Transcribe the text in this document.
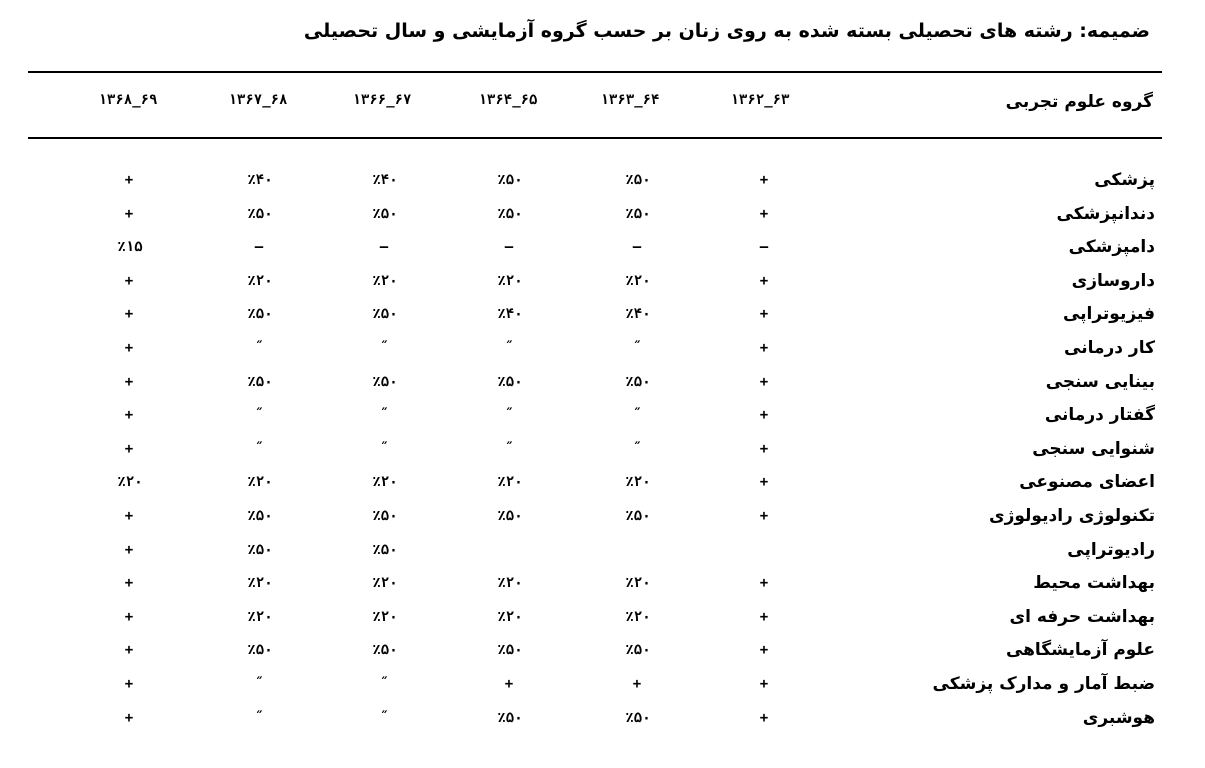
ضمیمه: رشته های تحصیلی بسته شده به روی زنان بر حسب گروه آزمایشی و سال تحصیلی
گروه علوم تجربی
۱۳۶۲_۶۳
۱۳۶۳_۶۴
۱۳۶۴_۶۵
۱۳۶۶_۶۷
۱۳۶۷_۶۸
۱۳۶۸_۶۹
پزشکی
+
٪۵۰
٪۵۰
٪۴۰
٪۴۰
+
دندانپزشکی
+
٪۵۰
٪۵۰
٪۵۰
٪۵۰
+
دامپزشکی
–
–
–
–
–
٪۱۵
داروسازی
+
٪۲۰
٪۲۰
٪۲۰
٪۲۰
+
فیزیوتراپی
+
٪۴۰
٪۴۰
٪۵۰
٪۵۰
+
کار درمانی
+
˝
˝
˝
˝
+
بینایی سنجی
+
٪۵۰
٪۵۰
٪۵۰
٪۵۰
+
گفتار درمانی
+
˝
˝
˝
˝
+
شنوایی سنجی
+
˝
˝
˝
˝
+
اعضای مصنوعی
+
٪۲۰
٪۲۰
٪۲۰
٪۲۰
٪۲۰
تکنولوژی رادیولوژی
+
٪۵۰
٪۵۰
٪۵۰
٪۵۰
+
رادیوتراپی
٪۵۰
٪۵۰
+
بهداشت محیط
+
٪۲۰
٪۲۰
٪۲۰
٪۲۰
+
بهداشت حرفه ای
+
٪۲۰
٪۲۰
٪۲۰
٪۲۰
+
علوم آزمایشگاهی
+
٪۵۰
٪۵۰
٪۵۰
٪۵۰
+
ضبط آمار و مدارک پزشکی
+
+
+
˝
˝
+
هوشبری
+
٪۵۰
٪۵۰
˝
˝
+
